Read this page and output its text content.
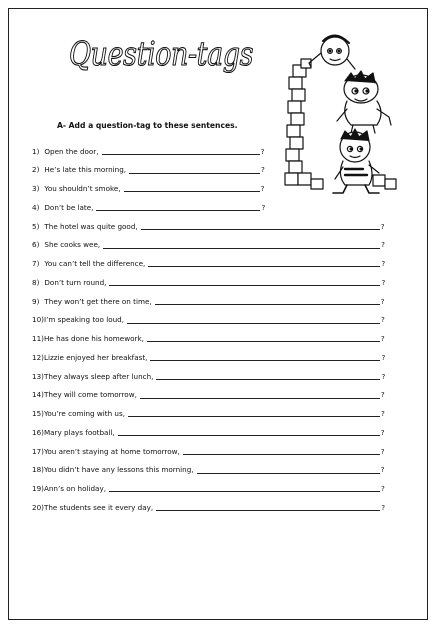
Question-tags
A- Add a question-tag to these sentences.
1) Open the door,	?
2) He’s late this morning,	?
3) You shouldn’t smoke,	?
4) Don’t be late,	?
5) The hotel was quite good,	?
6) She cooks wee,	?
7) You can’t tell the difference,	?
8) Don’t turn round,	?
9) They won’t get there on time,	?
10) I’m speaking too loud,	?
11) He has done his homework,	?
12) Lizzie enjoyed her breakfast,	?
13) They always sleep after lunch,	?
14) They will come tomorrow,	?
15) You’re coming with us,	?
16) Mary plays football,	?
17) You aren’t staying at home tomorrow,	?
18) You didn’t have any lessons this morning,	?
19) Ann’s on holiday,	?
20) The students see it every day,	?
